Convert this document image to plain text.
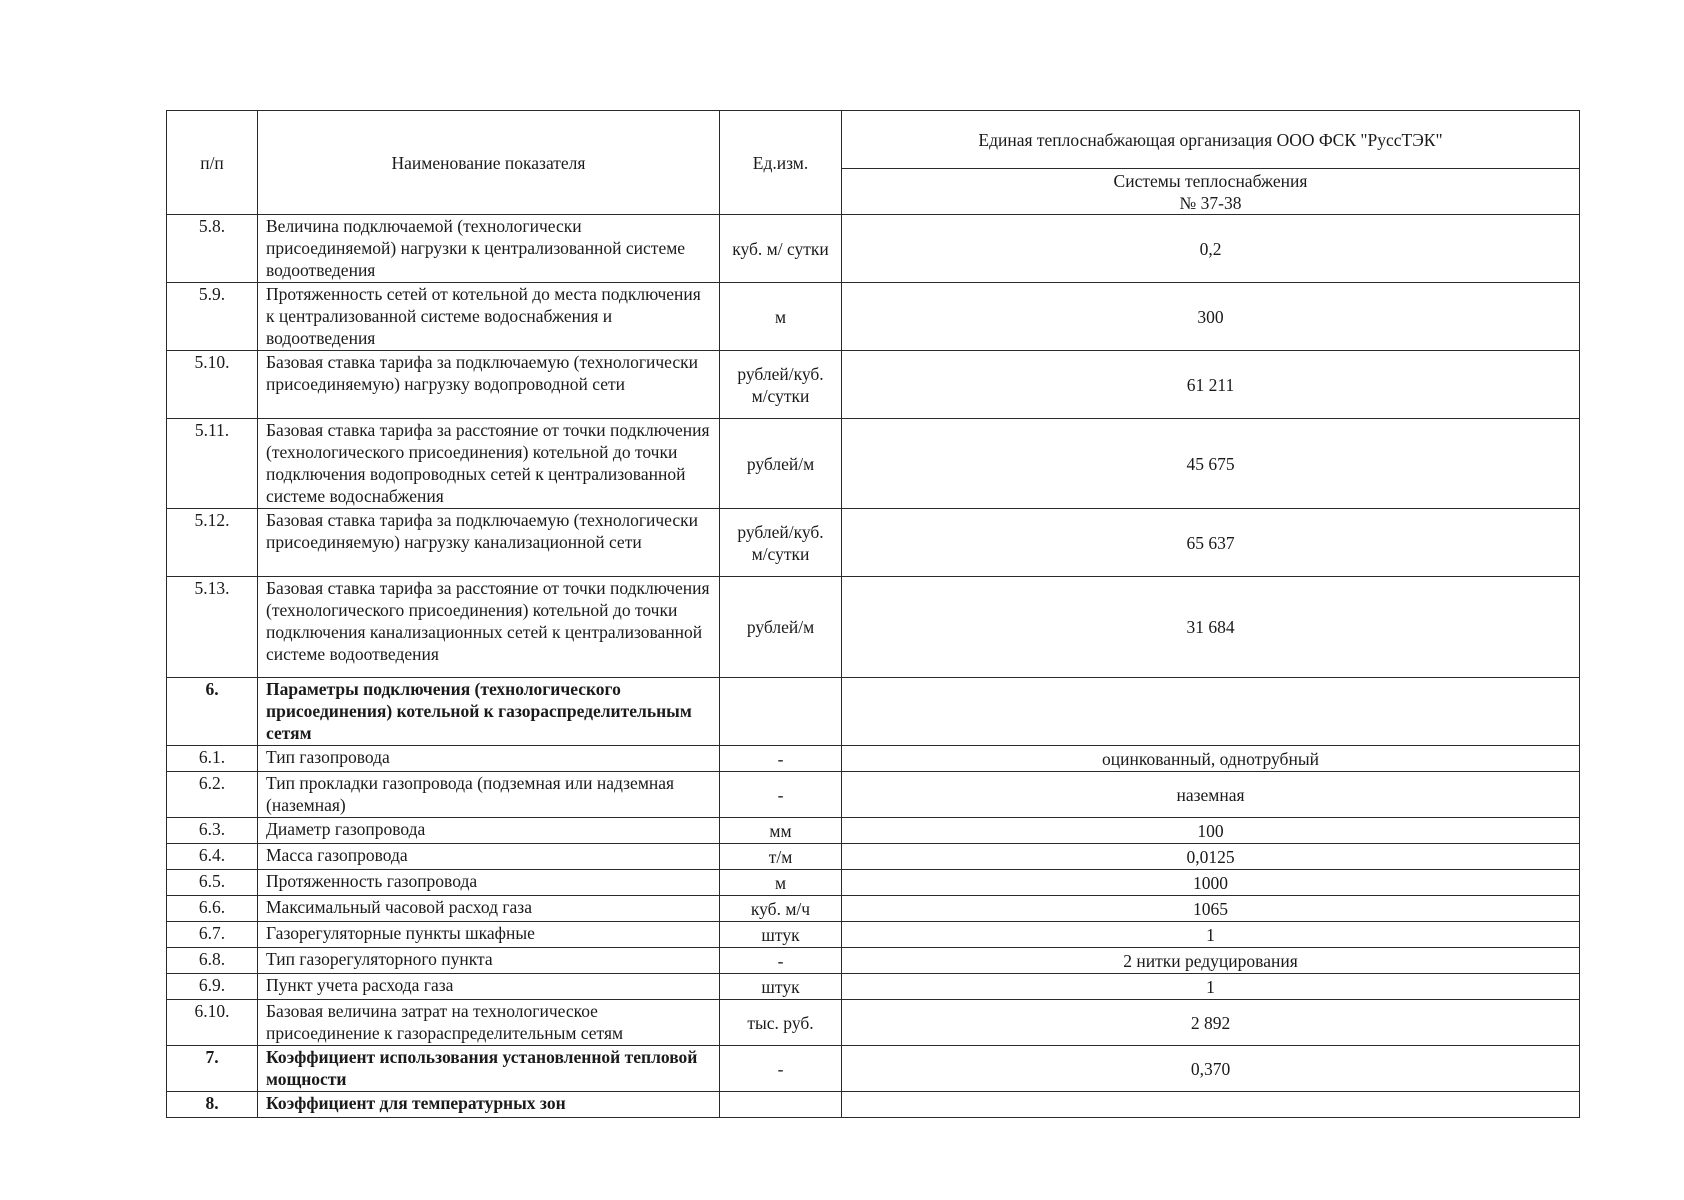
п/п	Наименование показателя	Ед.изм.	Единая теплоснабжающая организация ООО ФСК "РуссТЭК"

			Системы теплоснабжения
№ 37-38

5.8.	Величина подключаемой (технологически присоединяемой) нагрузки к централизованной системе водоотведения	куб. м/ сутки	0,2
5.9.	Протяженность сетей от котельной до места подключения к централизованной системе водоснабжения и водоотведения	м	300
5.10.	Базовая ставка тарифа за подключаемую (технологически присоединяемую) нагрузку водопроводной сети	рублей/куб. м/сутки	61 211
5.11.	Базовая ставка тарифа за расстояние от точки подключения (технологического присоединения) котельной до точки подключения водопроводных сетей к централизованной системе водоснабжения	рублей/м	45 675
5.12.	Базовая ставка тарифа за подключаемую (технологически присоединяемую) нагрузку канализационной сети	рублей/куб. м/сутки	65 637
5.13.	Базовая ставка тарифа за расстояние от точки подключения (технологического присоединения) котельной до точки подключения канализационных сетей к централизованной системе водоотведения	рублей/м	31 684
6.	Параметры подключения (технологического присоединения) котельной к газораспределительным сетям		
6.1.	Тип газопровода	-	оцинкованный, однотрубный
6.2.	Тип прокладки газопровода (подземная или надземная (наземная)	-	наземная
6.3.	Диаметр газопровода	мм	100
6.4.	Масса газопровода	т/м	0,0125
6.5.	Протяженность газопровода	м	1000
6.6.	Максимальный часовой расход газа	куб. м/ч	1065
6.7.	Газорегуляторные пункты шкафные	штук	1
6.8.	Тип газорегуляторного пункта	-	2 нитки редуцирования
6.9.	Пункт учета расхода газа	штук	1
6.10.	Базовая величина затрат на технологическое присоединение к газораспределительным сетям	тыс. руб.	2 892
7.	Коэффициент использования установленной тепловой мощности	-	0,370
8.	Коэффициент для температурных зон		
